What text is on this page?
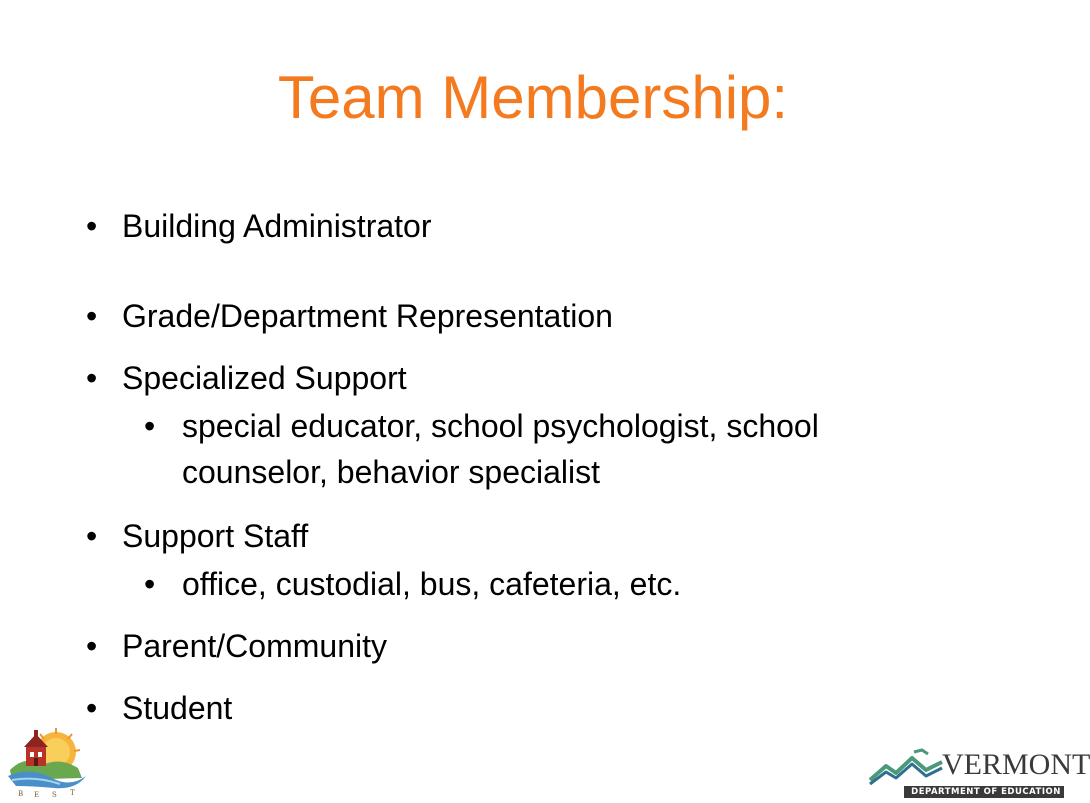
Team Membership:
• Building Administrator
• Grade/Department Representation
• Specialized Support
• special educator, school psychologist, school
counselor, behavior specialist
• Support Staff
• office, custodial, bus, cafeteria, etc.
• Parent/Community
• Student
B E S T
VERMONT
DEPARTMENT OF EDUCATION
